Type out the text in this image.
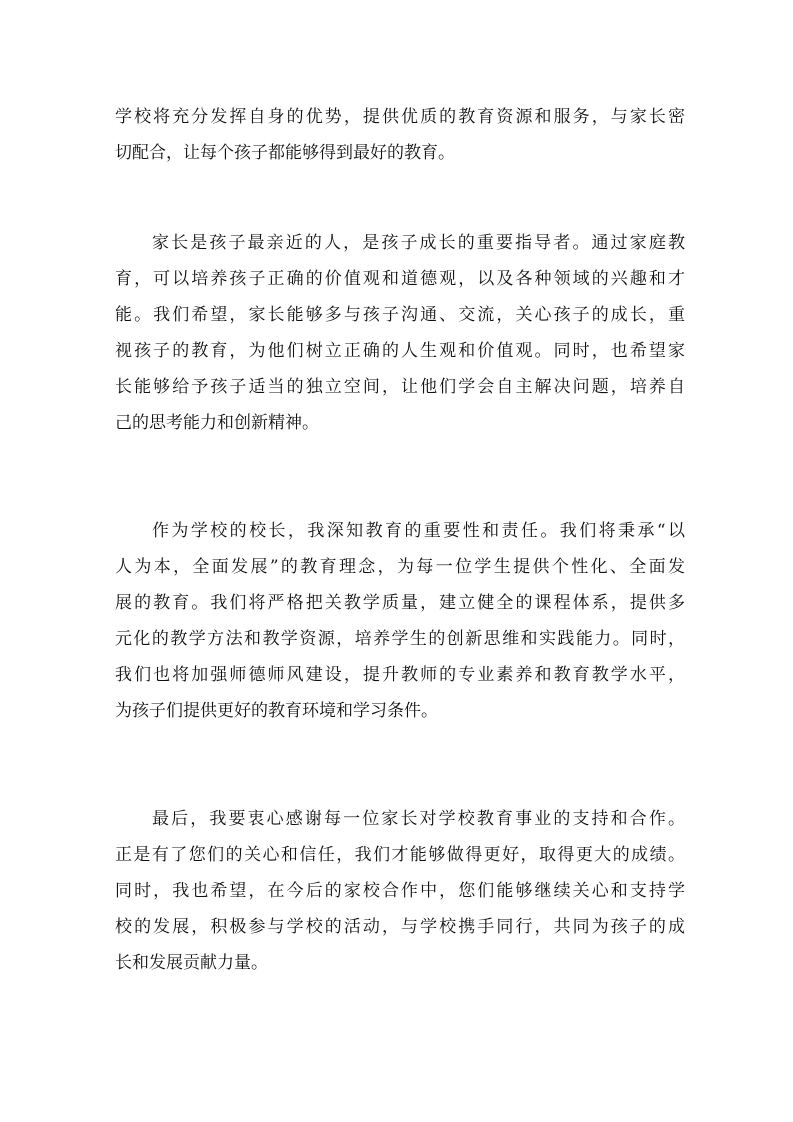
学校将充分发挥自身的优势，提供优质的教育资源和服务，与家长密
切配合，让每个孩子都能够得到最好的教育。
家长是孩子最亲近的人，是孩子成长的重要指导者。通过家庭教
育，可以培养孩子正确的价值观和道德观，以及各种领域的兴趣和才
能。我们希望，家长能够多与孩子沟通、交流，关心孩子的成长，重
视孩子的教育，为他们树立正确的人生观和价值观。同时，也希望家
长能够给予孩子适当的独立空间，让他们学会自主解决问题，培养自
己的思考能力和创新精神。
作为学校的校长，我深知教育的重要性和责任。我们将秉承“以
人为本，全面发展”的教育理念，为每一位学生提供个性化、全面发
展的教育。我们将严格把关教学质量，建立健全的课程体系，提供多
元化的教学方法和教学资源，培养学生的创新思维和实践能力。同时，
我们也将加强师德师风建设，提升教师的专业素养和教育教学水平，
为孩子们提供更好的教育环境和学习条件。
最后，我要衷心感谢每一位家长对学校教育事业的支持和合作。
正是有了您们的关心和信任，我们才能够做得更好，取得更大的成绩。
同时，我也希望，在今后的家校合作中，您们能够继续关心和支持学
校的发展，积极参与学校的活动，与学校携手同行，共同为孩子的成
长和发展贡献力量。
